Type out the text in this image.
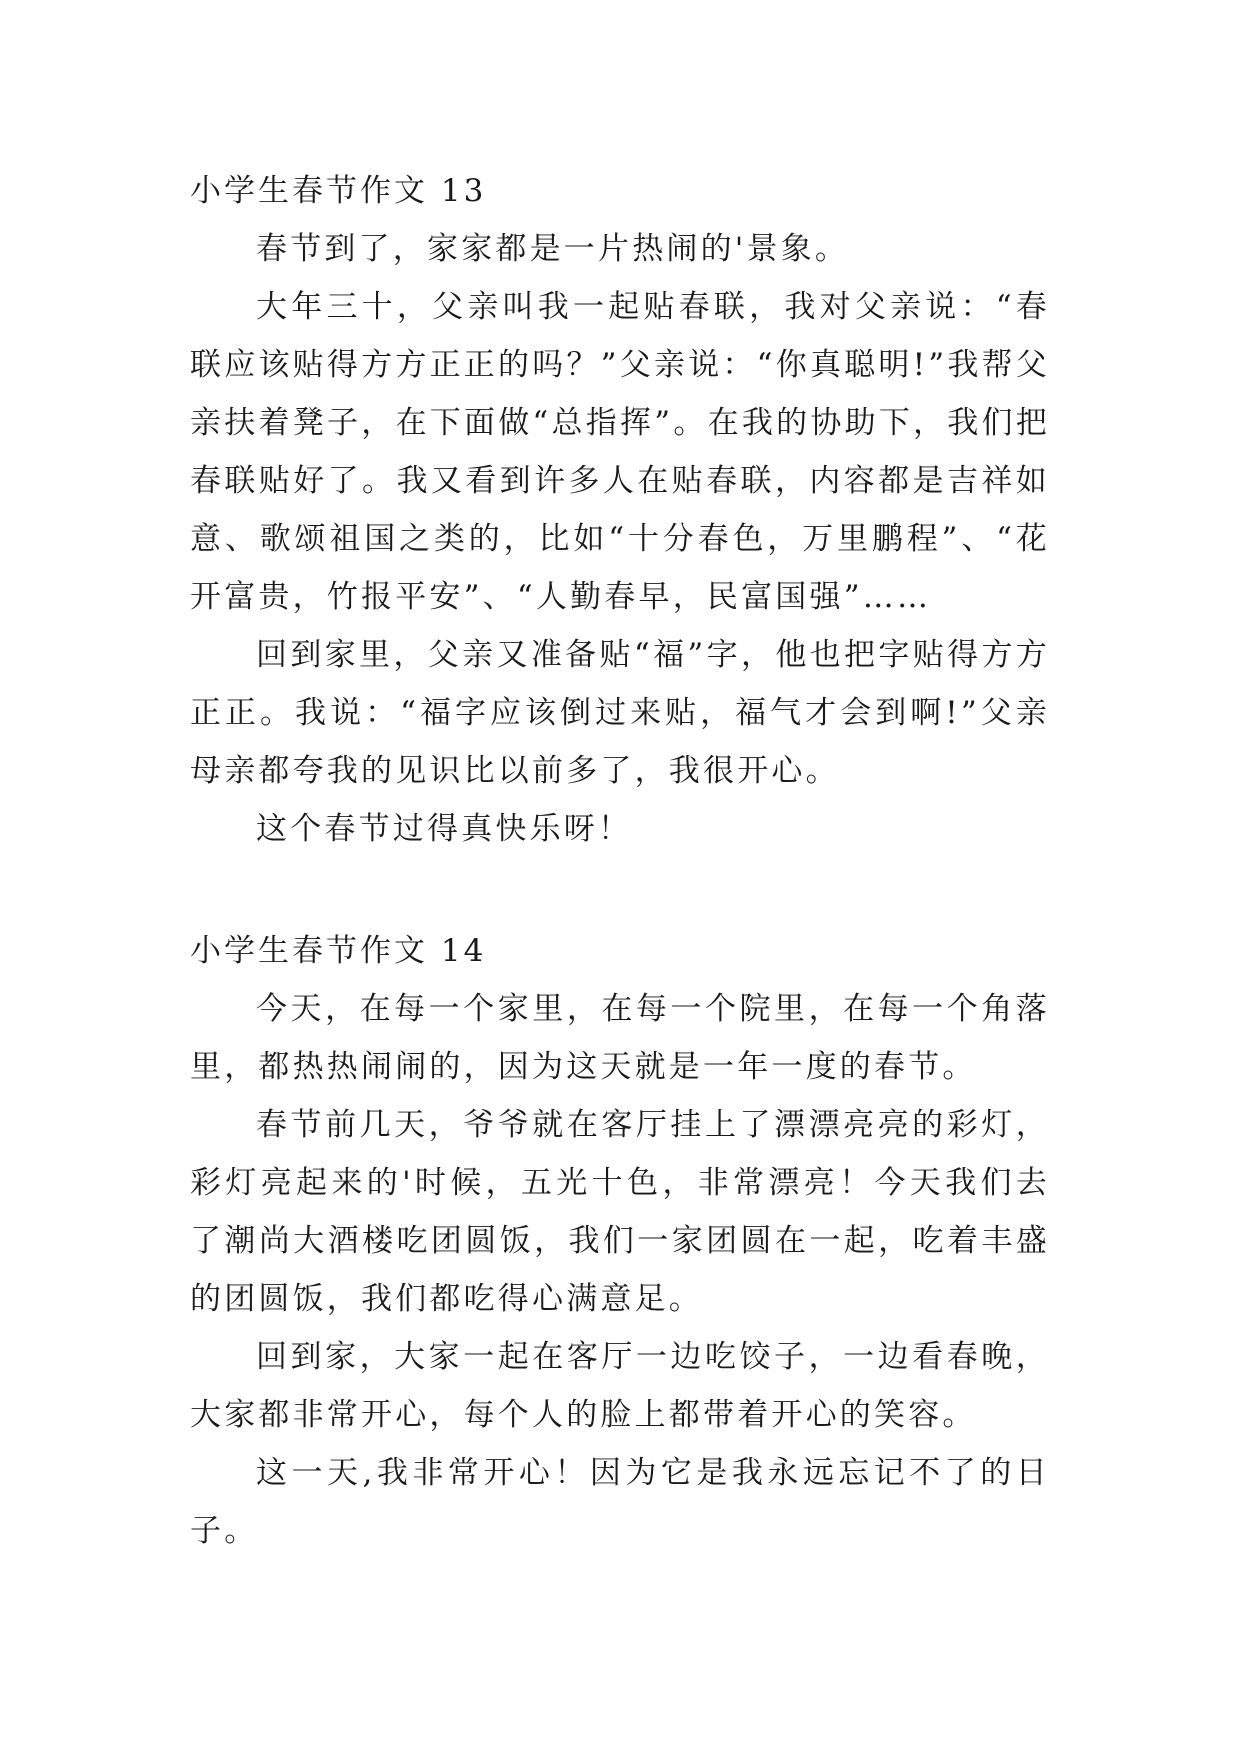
小学生春节作文 13

春节到了，家家都是一片热闹的'景象。

大年三十，父亲叫我一起贴春联，我对父亲说：“春联应该贴得方方正正的吗？”父亲说：“你真聪明!”我帮父亲扶着凳子，在下面做“总指挥”。在我的协助下，我们把春联贴好了。我又看到许多人在贴春联，内容都是吉祥如意、歌颂祖国之类的，比如“十分春色，万里鹏程”、“花开富贵，竹报平安”、“人勤春早，民富国强”……

回到家里，父亲又准备贴“福”字，他也把字贴得方方正正。我说：“福字应该倒过来贴，福气才会到啊!”父亲母亲都夸我的见识比以前多了，我很开心。

这个春节过得真快乐呀！

小学生春节作文 14

今天，在每一个家里，在每一个院里，在每一个角落里，都热热闹闹的，因为这天就是一年一度的春节。

春节前几天，爷爷就在客厅挂上了漂漂亮亮的彩灯，彩灯亮起来的'时候，五光十色，非常漂亮！今天我们去了潮尚大酒楼吃团圆饭，我们一家团圆在一起，吃着丰盛的团圆饭，我们都吃得心满意足。

回到家，大家一起在客厅一边吃饺子，一边看春晚，大家都非常开心，每个人的脸上都带着开心的笑容。

这一天,我非常开心！因为它是我永远忘记不了的日子。
